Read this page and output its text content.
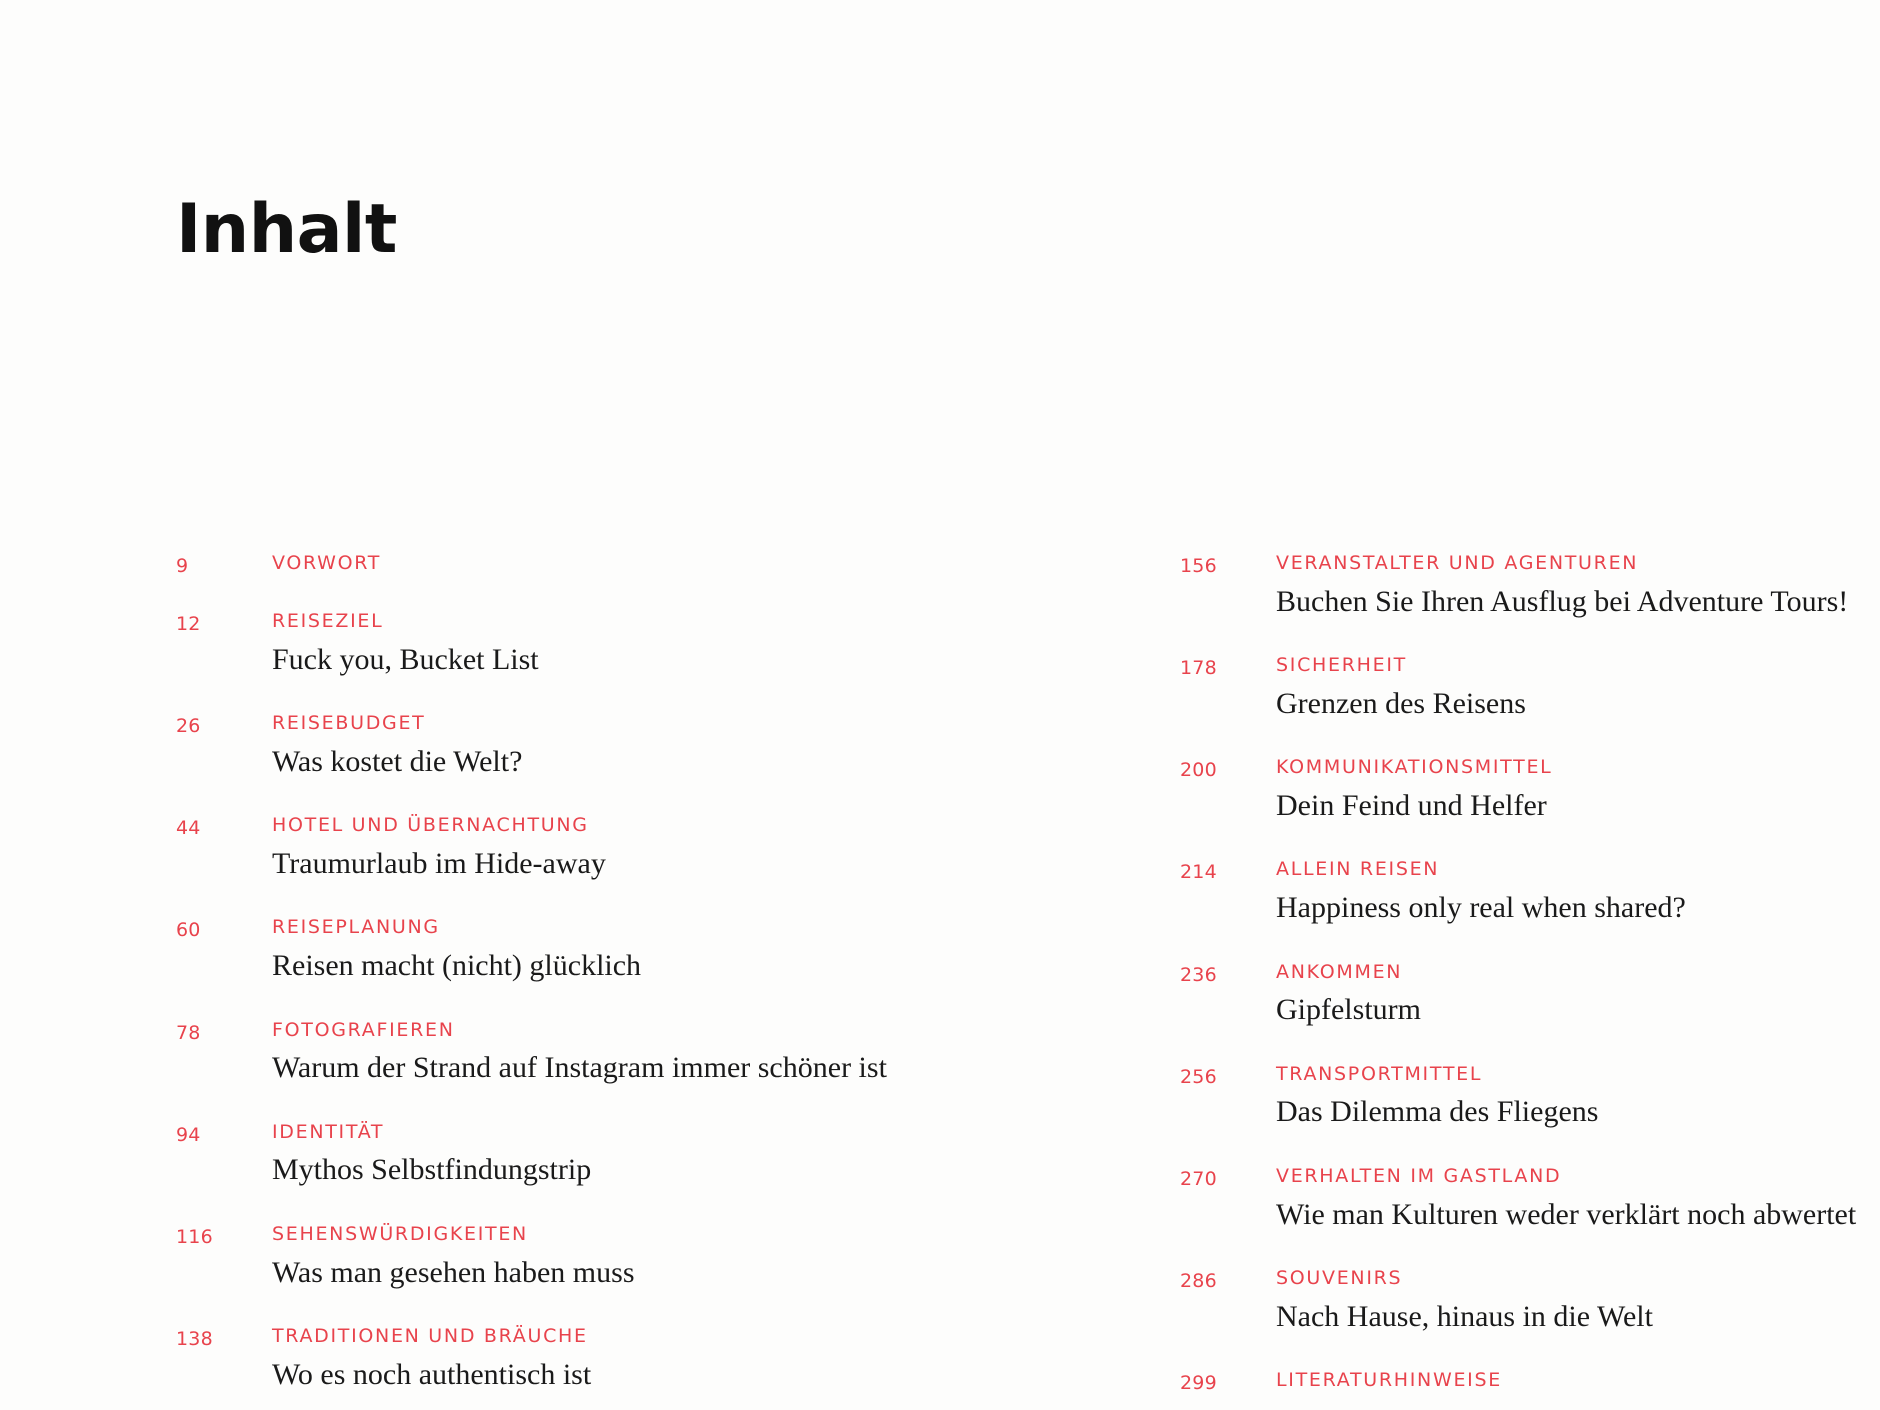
Inhalt
9	VORWORT
12	REISEZIEL
Fuck you, Bucket List
26	REISEBUDGET
Was kostet die Welt?
44	HOTEL UND ÜBERNACHTUNG
Traumurlaub im Hide-away
60	REISEPLANUNG
Reisen macht (nicht) glücklich
78	FOTOGRAFIEREN
Warum der Strand auf Instagram immer schöner ist
94	IDENTITÄT
Mythos Selbstfindungstrip
116	SEHENSWÜRDIGKEITEN
Was man gesehen haben muss
138	TRADITIONEN UND BRÄUCHE
Wo es noch authentisch ist
156	VERANSTALTER UND AGENTUREN
Buchen Sie Ihren Ausflug bei Adventure Tours!
178	SICHERHEIT
Grenzen des Reisens
200	KOMMUNIKATIONSMITTEL
Dein Feind und Helfer
214	ALLEIN REISEN
Happiness only real when shared?
236	ANKOMMEN
Gipfelsturm
256	TRANSPORTMITTEL
Das Dilemma des Fliegens
270	VERHALTEN IM GASTLAND
Wie man Kulturen weder verklärt noch abwertet
286	SOUVENIRS
Nach Hause, hinaus in die Welt
299	LITERATURHINWEISE
